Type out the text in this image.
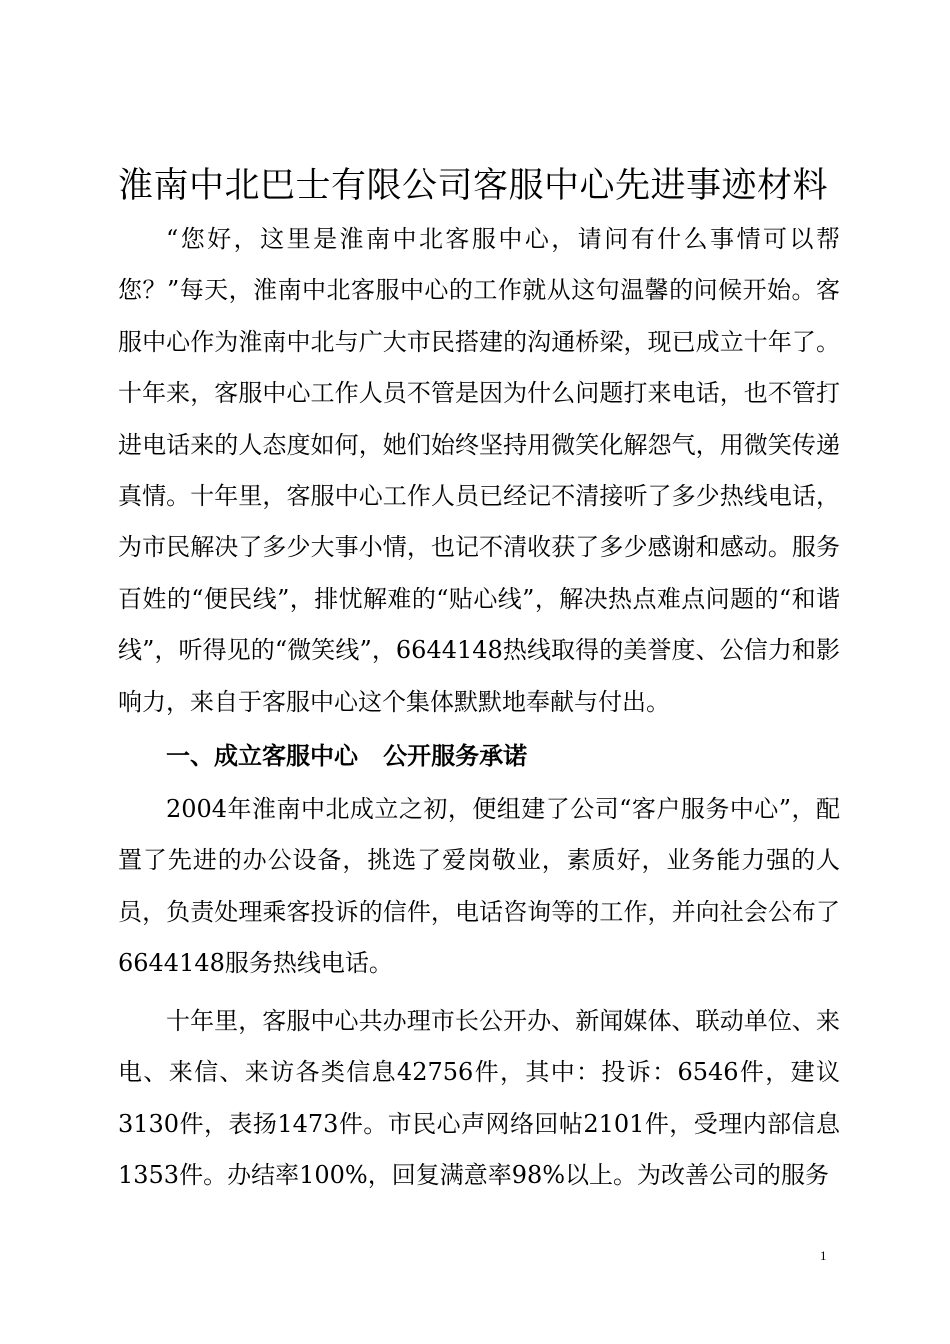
淮南中北巴士有限公司客服中心先进事迹材料

“您好，这里是淮南中北客服中心，请问有什么事情可以帮您？”每天，淮南中北客服中心的工作就从这句温馨的问候开始。客服中心作为淮南中北与广大市民搭建的沟通桥梁，现已成立十年了。十年来，客服中心工作人员不管是因为什么问题打来电话，也不管打进电话来的人态度如何，她们始终坚持用微笑化解怨气，用微笑传递真情。十年里，客服中心工作人员已经记不清接听了多少热线电话，为市民解决了多少大事小情，也记不清收获了多少感谢和感动。服务百姓的“便民线”，排忧解难的“贴心线”，解决热点难点问题的“和谐线”，听得见的“微笑线”，6644148热线取得的美誉度、公信力和影响力，来自于客服中心这个集体默默地奉献与付出。

一、成立客服中心   公开服务承诺

2004年淮南中北成立之初，便组建了公司“客户服务中心”，配置了先进的办公设备，挑选了爱岗敬业，素质好，业务能力强的人员，负责处理乘客投诉的信件，电话咨询等的工作，并向社会公布了6644148服务热线电话。

十年里，客服中心共办理市长公开办、新闻媒体、联动单位、来电、来信、来访各类信息42756件，其中：投诉：6546件，建议3130件，表扬1473件。市民心声网络回帖2101件，受理内部信息1353件。办结率100%，回复满意率98%以上。为改善公司的服务

1
